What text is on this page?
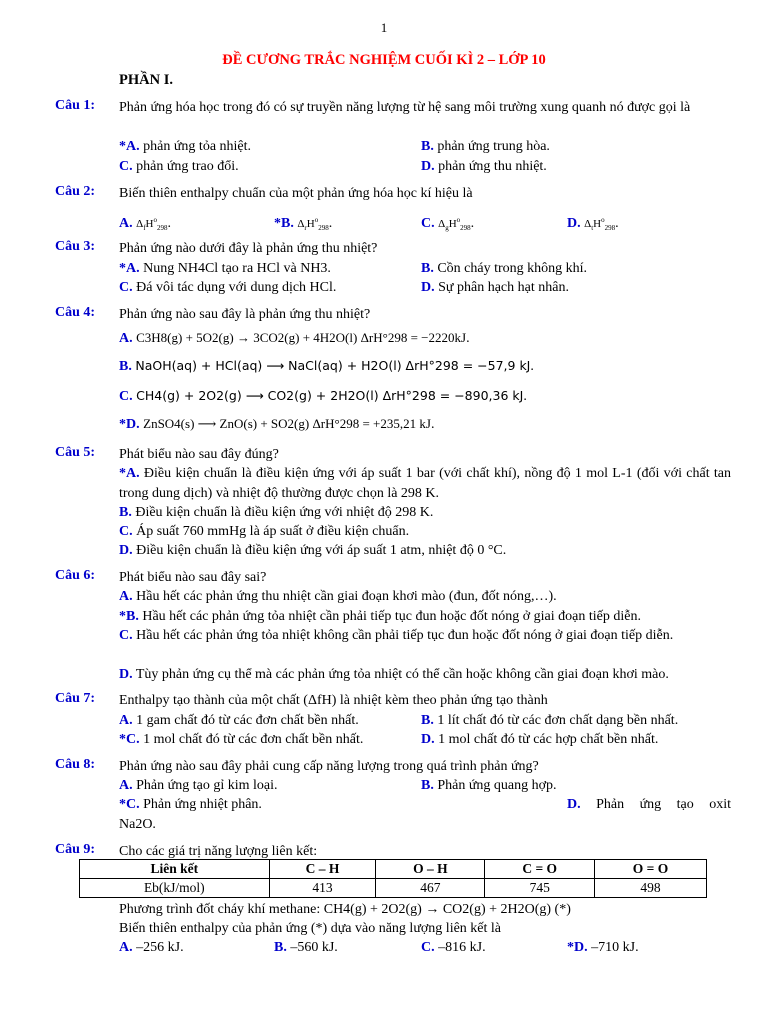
1
ĐỀ CƯƠNG TRẮC NGHIỆM CUỐI KÌ 2 – LỚP 10
PHẦN I.
Câu 1: Phản ứng hóa học trong đó có sự truyền năng lượng từ hệ sang môi trường xung quanh nó được gọi là
*A. phản ứng tỏa nhiệt.	B. phản ứng trung hòa.
C. phản ứng trao đổi.	D. phản ứng thu nhiệt.
Câu 2: Biến thiên enthalpy chuẩn của một phản ứng hóa học kí hiệu là
A. $\Delta_fH^o_{298}$.	*B. $\Delta_rH^o_{298}$.	C. $\Delta_gH^o_{298}$.	D. $\Delta_tH^o_{298}$.
Câu 3: Phản ứng nào dưới đây là phản ứng thu nhiệt?
*A. Nung NH4Cl tạo ra HCl và NH3.	B. Cồn cháy trong không khí.
C. Đá vôi tác dụng với dung dịch HCl.	D. Sự phân hạch hạt nhân.
Câu 4: Phản ứng nào sau đây là phản ứng thu nhiệt?
A. C3H8(g) + 5O2(g) → 3CO2(g) + 4H2O(l) ΔrH°298 = −2220kJ.
B. NaOH(aq) + HCl(aq) ⟶ NaCl(aq) + H2O(l) ΔrH°298 = −57,9 kJ.
C. CH4(g) + 2O2(g) ⟶ CO2(g) + 2H2O(l) ΔrH°298 = −890,36 kJ.
*D. ZnSO4(s) ⟶ ZnO(s) + SO2(g) ΔrH°298 = +235,21 kJ.
Câu 5: Phát biểu nào sau đây đúng?
*A. Điều kiện chuẩn là điều kiện ứng với áp suất 1 bar (với chất khí), nồng độ 1 mol L-1 (đối với chất tan trong dung dịch) và nhiệt độ thường được chọn là 298 K.
B. Điều kiện chuẩn là điều kiện ứng với nhiệt độ 298 K.
C. Áp suất 760 mmHg là áp suất ở điều kiện chuẩn.
D. Điều kiện chuẩn là điều kiện ứng với áp suất 1 atm, nhiệt độ 0 °C.
Câu 6: Phát biểu nào sau đây sai?
A. Hầu hết các phản ứng thu nhiệt cần giai đoạn khơi mào (đun, đốt nóng,…).
*B. Hầu hết các phản ứng tỏa nhiệt cần phải tiếp tục đun hoặc đốt nóng ở giai đoạn tiếp diễn.
C. Hầu hết các phản ứng tỏa nhiệt không cần phải tiếp tục đun hoặc đốt nóng ở giai đoạn tiếp diễn.
D. Tùy phản ứng cụ thể mà các phản ứng tỏa nhiệt có thể cần hoặc không cần giai đoạn khơi mào.
Câu 7: Enthalpy tạo thành của một chất (ΔfH) là nhiệt kèm theo phản ứng tạo thành
A. 1 gam chất đó từ các đơn chất bền nhất.	B. 1 lít chất đó từ các đơn chất dạng bền nhất.
*C. 1 mol chất đó từ các đơn chất bền nhất.	D. 1 mol chất đó từ các hợp chất bền nhất.
Câu 8: Phản ứng nào sau đây phải cung cấp năng lượng trong quá trình phản ứng?
A. Phản ứng tạo gỉ kim loại.	B. Phản ứng quang hợp.
*C. Phản ứng nhiệt phân.	D. Phản ứng tạo oxit
Na2O.
Câu 9: Cho các giá trị năng lượng liên kết:
Liên kết	C – H	O – H	C = O	O = O
Eb(kJ/mol)	413	467	745	498
Phương trình đốt cháy khí methane: CH4(g) + 2O2(g) → CO2(g) + 2H2O(g) (*)
Biến thiên enthalpy của phản ứng (*) dựa vào năng lượng liên kết là
A. –256 kJ.	B. –560 kJ.	C. –816 kJ.	*D. –710 kJ.
